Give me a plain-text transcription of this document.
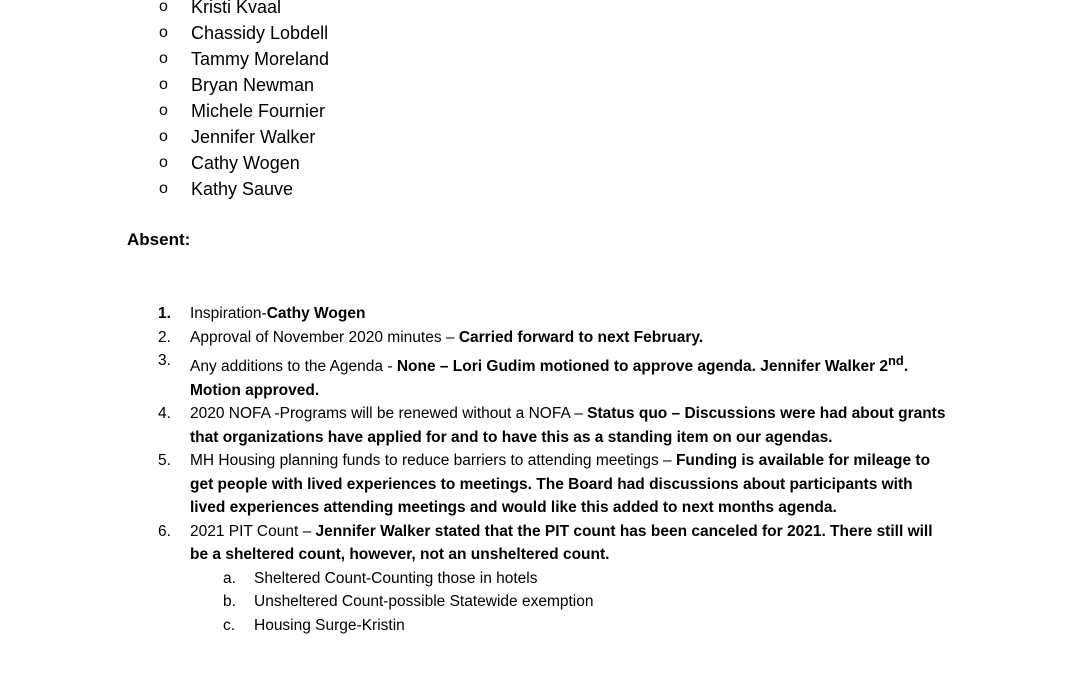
o Kristi Kvaal
o Chassidy Lobdell
o Tammy Moreland
o Bryan Newman
o Michele Fournier
o Jennifer Walker
o Cathy Wogen
o Kathy Sauve
Absent:
1. Inspiration-Cathy Wogen
2. Approval of November 2020 minutes – Carried forward to next February.
3. Any additions to the Agenda - None – Lori Gudim motioned to approve agenda. Jennifer Walker 2nd. Motion approved.
4. 2020 NOFA -Programs will be renewed without a NOFA – Status quo – Discussions were had about grants that organizations have applied for and to have this as a standing item on our agendas.
5. MH Housing planning funds to reduce barriers to attending meetings – Funding is available for mileage to get people with lived experiences to meetings. The Board had discussions about participants with lived experiences attending meetings and would like this added to next months agenda.
6. 2021 PIT Count – Jennifer Walker stated that the PIT count has been canceled for 2021. There still will be a sheltered count, however, not an unsheltered count.
a. Sheltered Count-Counting those in hotels
b. Unsheltered Count-possible Statewide exemption
c. Housing Surge-Kristin
